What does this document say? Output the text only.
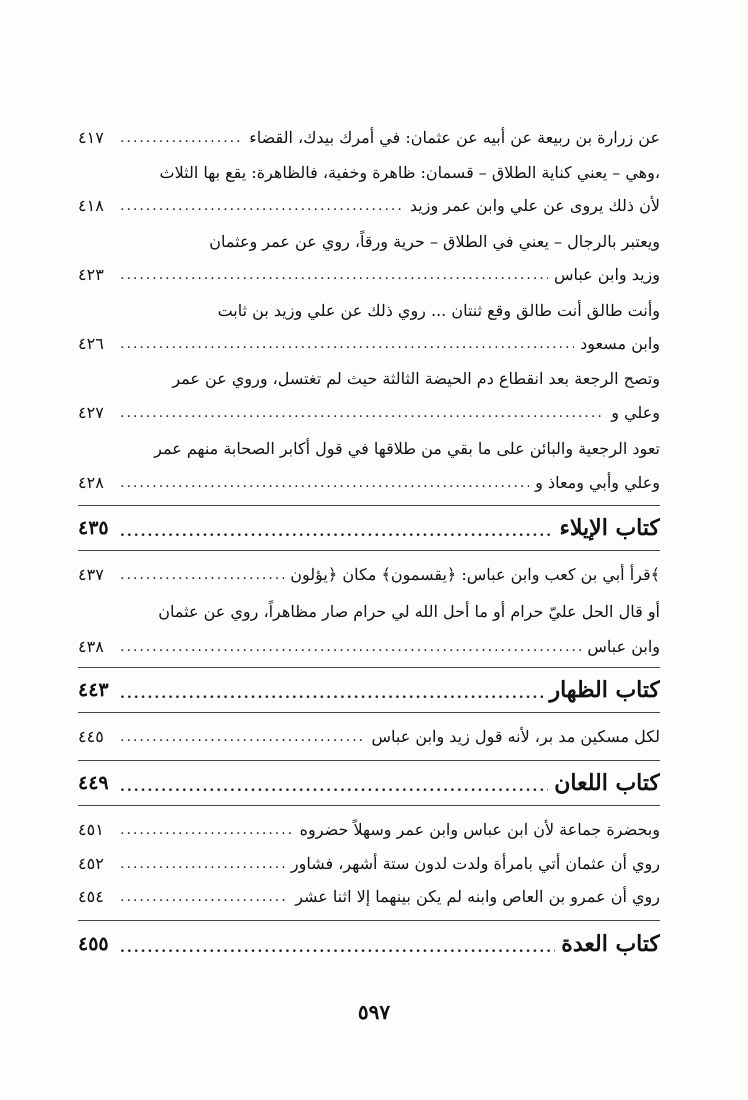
عن زرارة بن ربيعة عن أبيه عن عثمان: في أمرك بيدك، القضاء
.....
٤١٧
وهي – يعني كناية الطلاق – قسمان: ظاهرة وخفية، فالظاهرة: يقع بها الثلاث،
لأن ذلك يروى عن علي وابن عمر وزيد
.....
٤١٨
ويعتبر بالرجال – يعني في الطلاق – حرية ورقاً، روي عن عمر وعثمان
وزيد وابن عباس
.....
٤٢٣
وأنت طالق أنت طالق وقع ثنتان ... روي ذلك عن علي وزيد بن ثابت
وابن مسعود
.....
٤٢٦
وتصح الرجعة بعد انقطاع دم الحيضة الثالثة حيث لم تغتسل، وروي عن عمر
وعلي و
.....
٤٢٧
تعود الرجعية والبائن على ما بقي من طلاقها في قول أكابر الصحابة منهم عمر
وعلي وأبي ومعاذ و
.....
٤٢٨
كتاب الإيلاء
.....
٤٣٥
قرأ أبي بن كعب وابن عباس: ﴿يقسمون﴾ مكان ﴿يؤلون﴾
.....
٤٣٧
أو قال الحل عليّ حرام أو ما أحل الله لي حرام صار مظاهراً، روي عن عثمان
وابن عباس
.....
٤٣٨
كتاب الظهار
.....
٤٤٣
لكل مسكين مد بر، لأنه قول زيد وابن عباس
.....
٤٤٥
كتاب اللعان
.....
٤٤٩
وبحضرة جماعة لأن ابن عباس وابن عمر وسهلاً حضروه
.....
٤٥١
روي أن عثمان أتي بامرأة ولدت لدون ستة أشهر، فشاور
.....
٤٥٢
روي أن عمرو بن العاص وابنه لم يكن بينهما إلا اثنا عشر
.....
٤٥٤
كتاب العدة
.....
٤٥٥
٥٩٧
